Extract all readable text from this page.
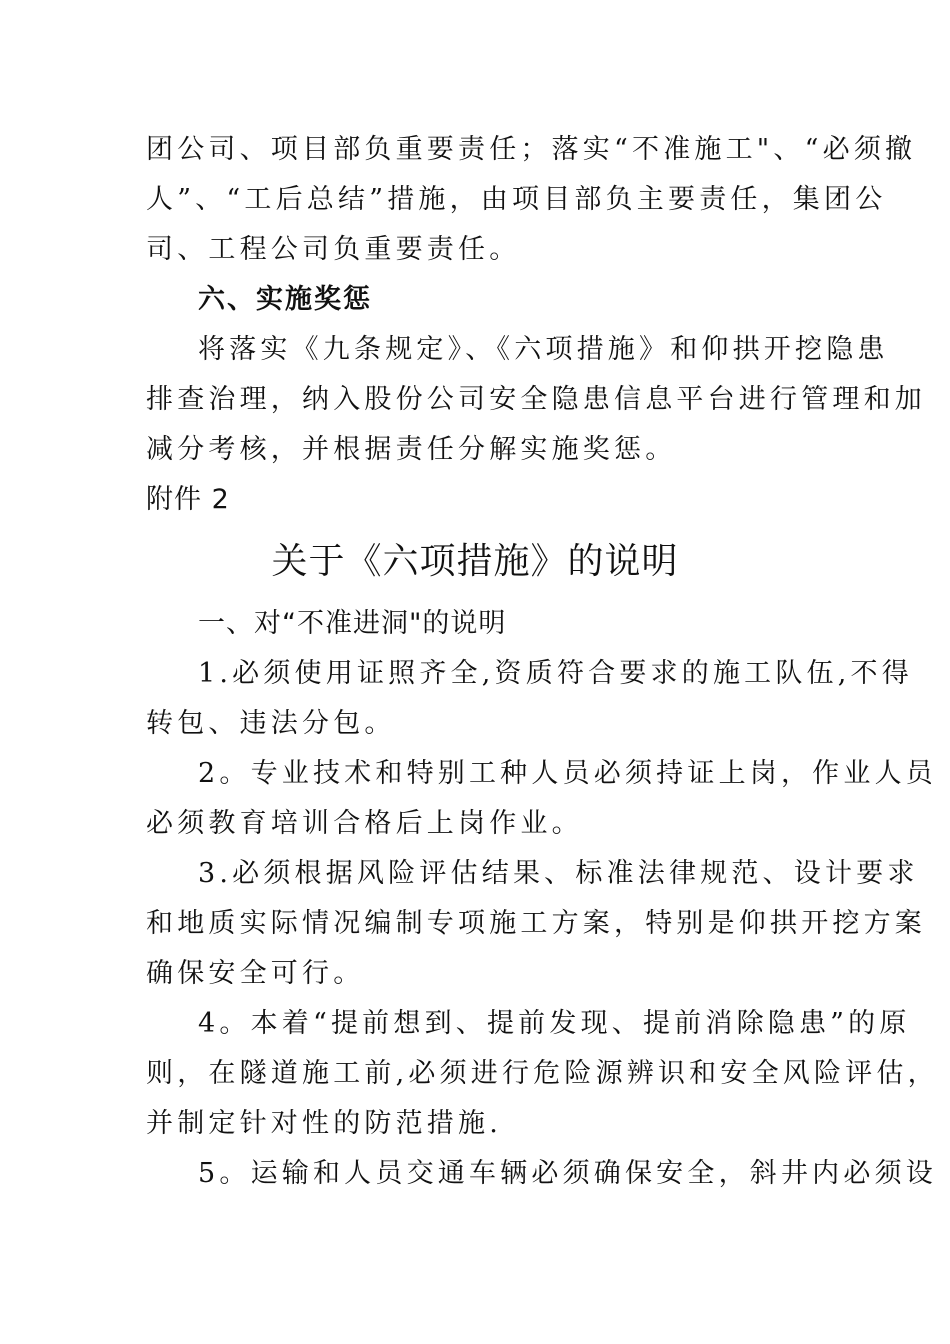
团公司、项目部负重要责任；落实“不准施工"、“必须撤
人”、“工后总结”措施，由项目部负主要责任，集团公
司、工程公司负重要责任。
六、实施奖惩
将落实《九条规定》、《六项措施》和仰拱开挖隐患
排查治理，纳入股份公司安全隐患信息平台进行管理和加
减分考核，并根据责任分解实施奖惩。
附件 2
关于《六项措施》的说明
一、对“不准进洞"的说明
1.必须使用证照齐全,资质符合要求的施工队伍,不得
转包、违法分包。
2。专业技术和特别工种人员必须持证上岗，作业人员
必须教育培训合格后上岗作业。
3.必须根据风险评估结果、标准法律规范、设计要求
和地质实际情况编制专项施工方案，特别是仰拱开挖方案
确保安全可行。
4。本着“提前想到、提前发现、提前消除隐患”的原
则，在隧道施工前,必须进行危险源辨识和安全风险评估，
并制定针对性的防范措施.
5。运输和人员交通车辆必须确保安全，斜井内必须设
